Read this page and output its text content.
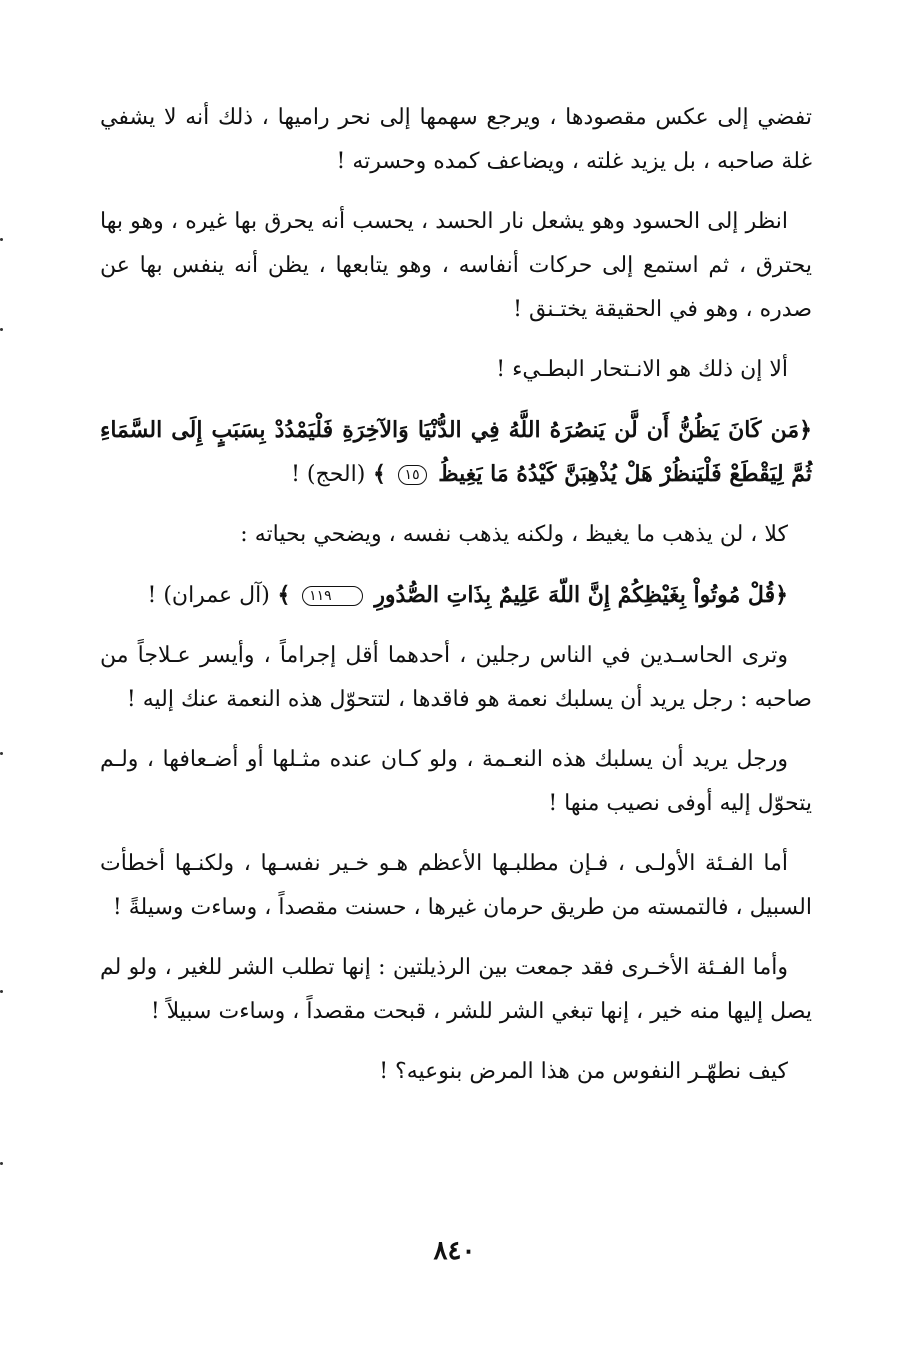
تفضي إلى عكس مقصودها ، ويرجع سهمها إلى نحر راميها ، ذلك أنه لا يشفي غلة صاحبه ، بل يزيد غلته ، ويضاعف كمده وحسرته !

انظر إلى الحسود وهو يشعل نار الحسد ، يحسب أنه يحرق بها غيره ، وهو بها يحترق ، ثم استمع إلى حركات أنفاسه ، وهو يتابعها ، يظن أنه ينفس بها عن صدره ، وهو في الحقيقة يختـنق !

ألا إن ذلك هو الانـتحار البطـيء !

﴿مَن كَانَ يَظُنُّ أَن لَّن يَنصُرَهُ اللَّهُ فِي الدُّنْيَا وَالآخِرَةِ فَلْيَمْدُدْ بِسَبَبٍ إِلَى السَّمَاءِ ثُمَّ لِيَقْطَعْ فَلْيَنظُرْ هَلْ يُذْهِبَنَّ كَيْدُهُ مَا يَغِيظُ ١٥ ﴾ (الحج) !

كلا ، لن يذهب ما يغيظ ، ولكنه يذهب نفسه ، ويضحي بحياته :

﴿قُلْ مُوتُواْ بِغَيْظِكُمْ إِنَّ اللّهَ عَلِيمٌ بِذَاتِ الصُّدُورِ ١١٩ ﴾ (آل عمران) !

وترى الحاسـدين في الناس رجلين ، أحدهما أقل إجراماً ، وأيسر عـلاجاً من صاحبه : رجل يريد أن يسلبك نعمة هو فاقدها ، لتتحوّل هذه النعمة عنك إليه !

ورجل يريد أن يسلبك هذه النعـمة ، ولو كـان عنده مثـلها أو أضـعافها ، ولـم يتحوّل إليه أوفى نصيب منها !

أما الفـئة الأولـى ، فـإن مطلبـها الأعظم هـو خـير نفسـها ، ولكنـها أخطأت السبيل ، فالتمسته من طريق حرمان غيرها ، حسنت مقصداً ، وساءت وسيلةً !

وأما الفـئة الأخـرى فقد جمعت بين الرذيلتين : إنها تطلب الشر للغير ، ولو لم يصل إليها منه خير ، إنها تبغي الشر للشر ، قبحت مقصداً ، وساءت سبيلاً !

كيف نطهّـر النفوس من هذا المرض بنوعيه؟ !

٨٤٠
